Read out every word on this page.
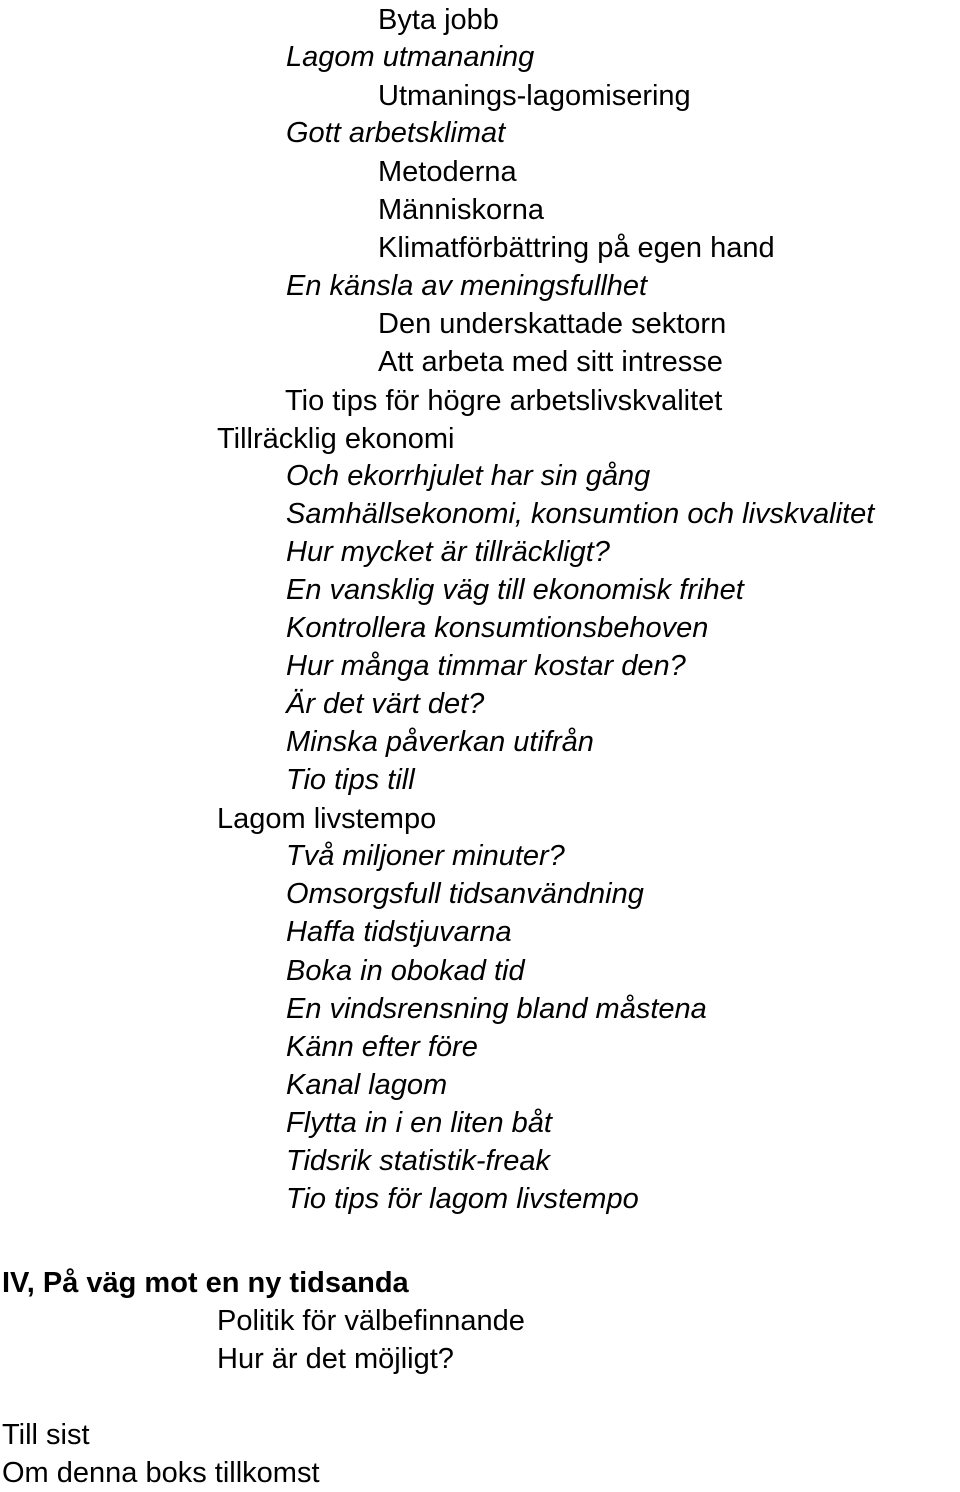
Byta jobb
Lagom utmananing
Utmanings-lagomisering
Gott arbetsklimat
Metoderna
Människorna
Klimatförbättring på egen hand
En känsla av meningsfullhet
Den underskattade sektorn
Att arbeta med sitt intresse
Tio tips för högre arbetslivskvalitet
Tillräcklig ekonomi
Och ekorrhjulet har sin gång
Samhällsekonomi, konsumtion och livskvalitet
Hur mycket är tillräckligt?
En vansklig väg till ekonomisk frihet
Kontrollera konsumtionsbehoven
Hur många timmar kostar den?
Är det värt det?
Minska påverkan utifrån
Tio tips till
Lagom livstempo
Två miljoner minuter?
Omsorgsfull tidsanvändning
Haffa tidstjuvarna
Boka in obokad tid
En vindsrensning bland måstena
Känn efter före
Kanal lagom
Flytta in i en liten båt
Tidsrik statistik-freak
Tio tips för lagom livstempo
IV, På väg mot en ny tidsanda
Politik för välbefinnande
Hur är det möjligt?
Till sist
Om denna boks tillkomst
